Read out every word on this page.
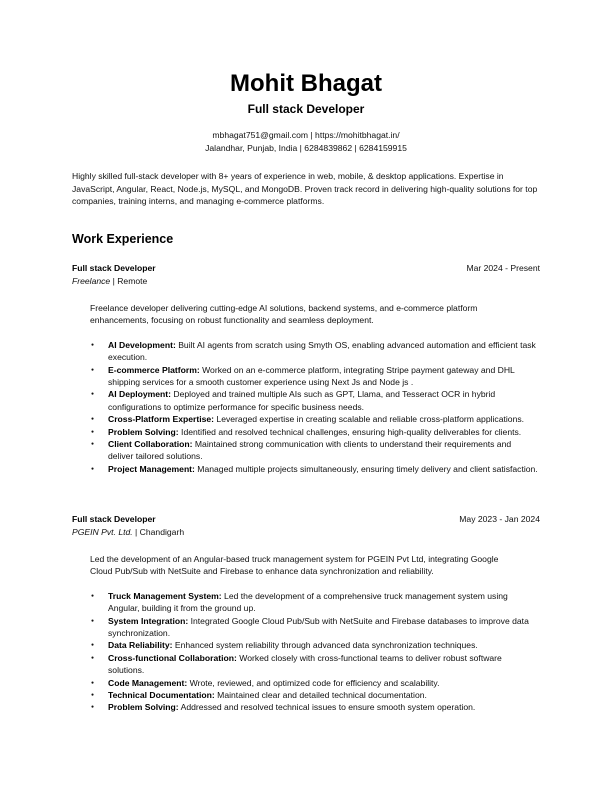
Mohit Bhagat
Full stack Developer
mbhagat751@gmail.com | https://mohitbhagat.in/
Jalandhar, Punjab, India | 6284839862 | 6284159915
Highly skilled full-stack developer with 8+ years of experience in web, mobile, & desktop applications. Expertise in JavaScript, Angular, React, Node.js, MySQL, and MongoDB. Proven track record in delivering high-quality solutions for top companies, training interns, and managing e-commerce platforms.
Work Experience
Full stack Developer	Mar 2024 - Present
Freelance | Remote
Freelance developer delivering cutting-edge AI solutions, backend systems, and e-commerce platform enhancements, focusing on robust functionality and seamless deployment.
● AI Development: Built AI agents from scratch using Smyth OS, enabling advanced automation and efficient task execution.
● E-commerce Platform: Worked on an e-commerce platform, integrating Stripe payment gateway and DHL shipping services for a smooth customer experience using Next Js and Node js .
● AI Deployment: Deployed and trained multiple AIs such as GPT, Llama, and Tesseract OCR in hybrid configurations to optimize performance for specific business needs.
● Cross-Platform Expertise: Leveraged expertise in creating scalable and reliable cross-platform applications.
● Problem Solving: Identified and resolved technical challenges, ensuring high-quality deliverables for clients.
● Client Collaboration: Maintained strong communication with clients to understand their requirements and deliver tailored solutions.
● Project Management: Managed multiple projects simultaneously, ensuring timely delivery and client satisfaction.
Full stack Developer	May 2023 - Jan 2024
PGEIN Pvt. Ltd. | Chandigarh
Led the development of an Angular-based truck management system for PGEIN Pvt Ltd, integrating Google Cloud Pub/Sub with NetSuite and Firebase to enhance data synchronization and reliability.
● Truck Management System: Led the development of a comprehensive truck management system using Angular, building it from the ground up.
● System Integration: Integrated Google Cloud Pub/Sub with NetSuite and Firebase databases to improve data synchronization.
● Data Reliability: Enhanced system reliability through advanced data synchronization techniques.
● Cross-functional Collaboration: Worked closely with cross-functional teams to deliver robust software solutions.
● Code Management: Wrote, reviewed, and optimized code for efficiency and scalability.
● Technical Documentation: Maintained clear and detailed technical documentation.
● Problem Solving: Addressed and resolved technical issues to ensure smooth system operation.
